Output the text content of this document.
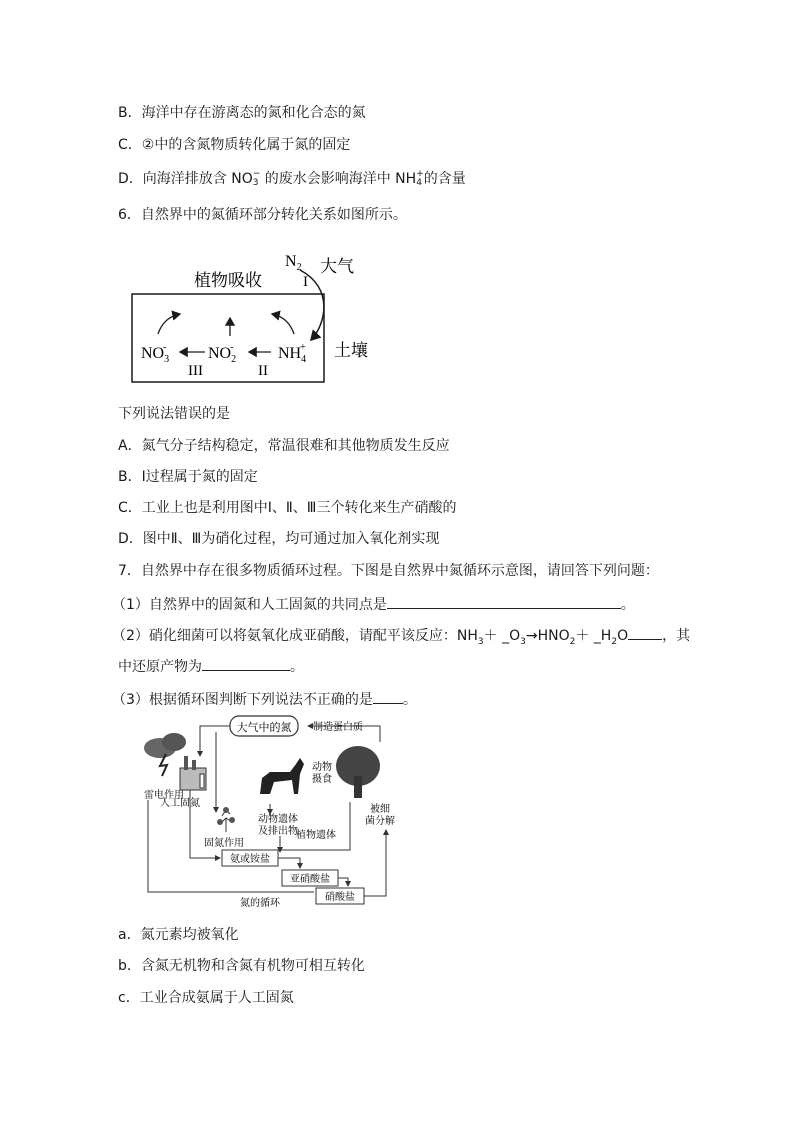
B．海洋中存在游离态的氮和化合态的氮
C．②中的含氮物质转化属于氮的固定
D．向海洋排放含 NO −
3 的废水会影响海洋中 NH +
4 的含量
6．自然界中的氮循环部分转化关系如图所示。
$N_2$ 大气
植物吸收	I
$NO_3-$	$NO_2-$	$NH_4+$
III	II
土壤
下列说法错误的是
A．氮气分子结构稳定，常温很难和其他物质发生反应
B．Ⅰ过程属于氮的固定
C．工业上也是利用图中Ⅰ、Ⅱ、Ⅲ三个转化来生产硝酸的
D．图中Ⅱ、Ⅲ为硝化过程，均可通过加入氧化剂实现
7．自然界中存在很多物质循环过程。下图是自然界中氮循环示意图，请回答下列问题：
（1）自然界中的固氮和人工固氮的共同点是	。
（2）硝化细菌可以将氨氧化成亚硝酸，请配平该反应：$NH_3+$ $\_O_3\to HNO_2+$ $\_H_2O$ ，其
中还原产物为	。
（3）根据循环图判断下列说法不正确的是 。
大气中的氮 制造蛋白质
雷电作用
人工固氮
动物
摄食
动物遗体
及排出物
被细
菌分解
植物遗体
固氮作用
氨或铵盐
亚硝酸盐
硝酸盐
氮的循环
a．氮元素均被氧化
b．含氮无机物和含氮有机物可相互转化
c．工业合成氨属于人工固氮
